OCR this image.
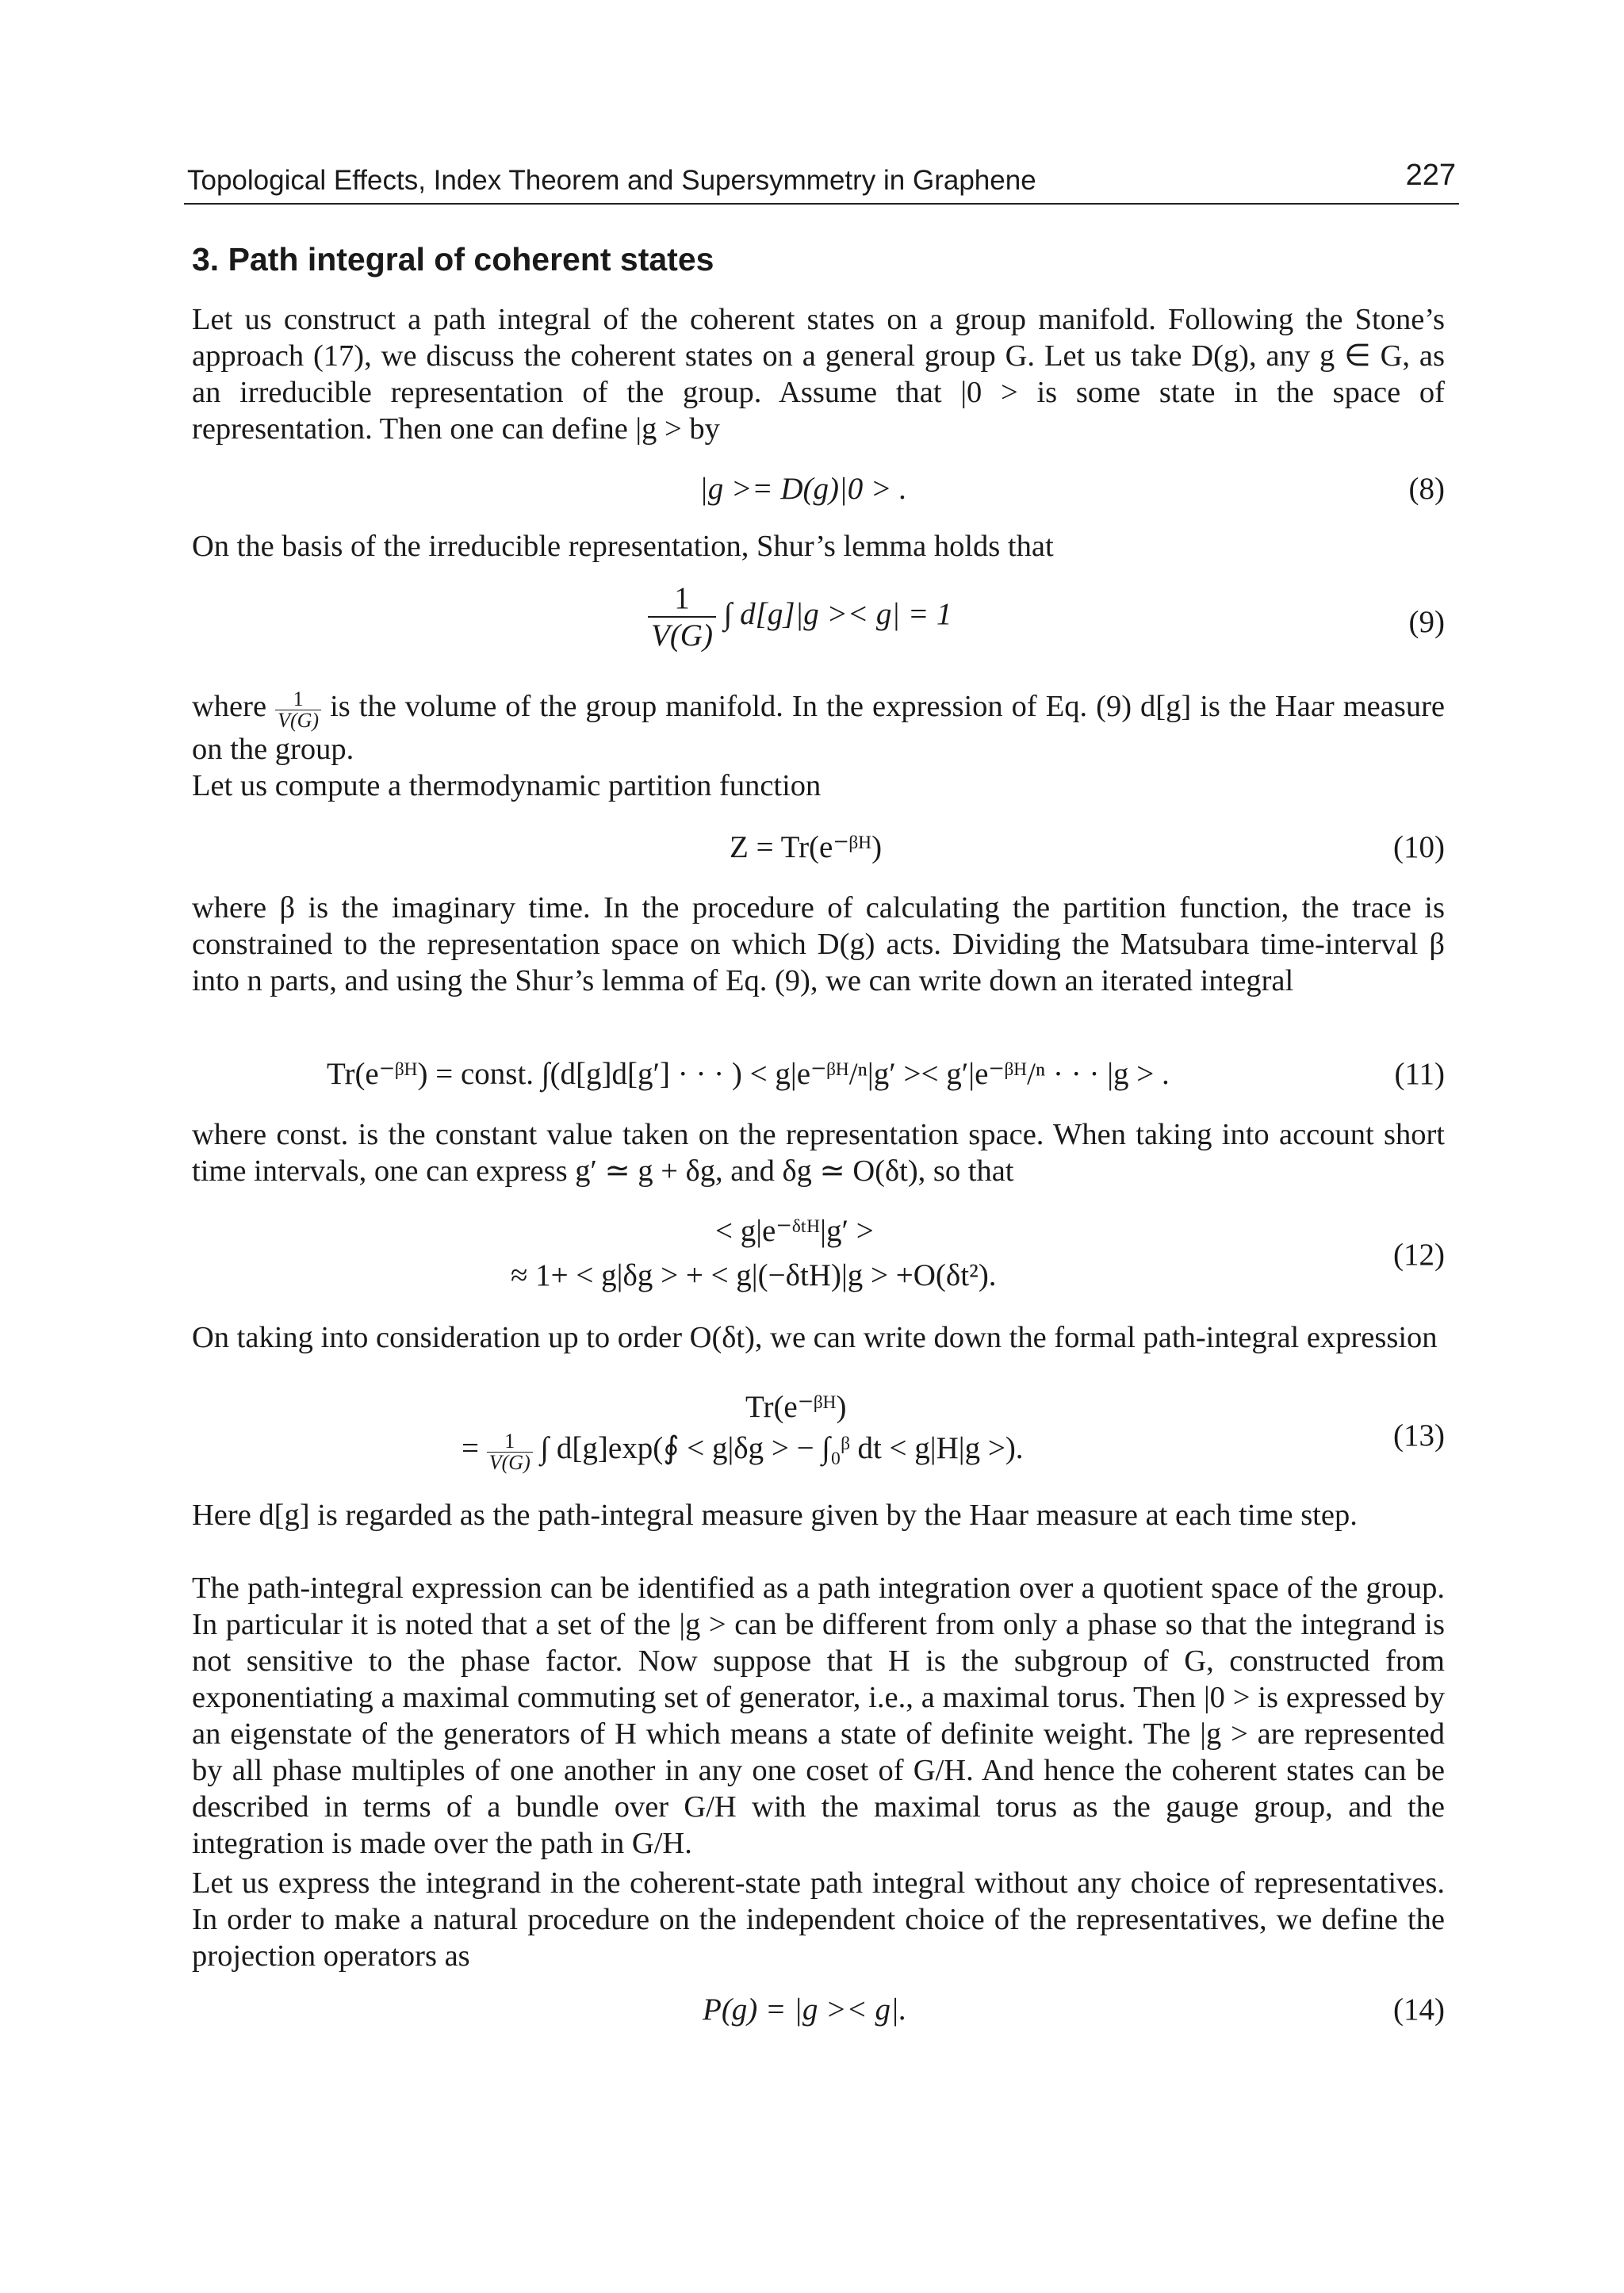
Topological Effects, Index Theorem and Supersymmetry in Graphene	227
3. Path integral of coherent states

Let us construct a path integral of the coherent states on a group manifold. Following the Stone’s approach (17), we discuss the coherent states on a general group G. Let us take D(g), any g ∈ G, as an irreducible representation of the group. Assume that |0 > is some state in the space of representation. Then one can define |g > by

|g >= D(g)|0 > .	(8)

On the basis of the irreducible representation, Shur’s lemma holds that

$\frac{1}{V(G)}$ ∫ d[g]|g >< g| = 1	(9)

where $\frac{1}{V(G)}$ is the volume of the group manifold. In the expression of Eq. (9) d[g] is the Haar measure on the group.

Let us compute a thermodynamic partition function

Z = Tr(e⁻ᵝᴴ)	(10)

where β is the imaginary time. In the procedure of calculating the partition function, the trace is constrained to the representation space on which D(g) acts. Dividing the Matsubara time-interval β into n parts, and using the Shur’s lemma of Eq. (9), we can write down an iterated integral

Tr(e⁻ᵝᴴ) = const. ∫(d[g]d[g′] · · · ) < g|e⁻ᵝᴴ/ⁿ|g′ >< g′|e⁻ᵝᴴ/ⁿ · · · |g > .	(11)

where const. is the constant value taken on the representation space. When taking into account short time intervals, one can express g′ ≃ g + δg, and δg ≃ O(δt), so that

< g|e⁻ᵟᵗᴴ|g′ >
≈ 1+ < g|δg > + < g|(−δtH)|g > +O(δt²).
(12)

On taking into consideration up to order O(δt), we can write down the formal path-integral expression

Tr(e⁻ᵝᴴ)
= $\frac{1}{V(G)}$ ∫ d[g]exp(∮ < g|δg > − ∫₀ᵝ dt < g|H|g >).	(13)

Here d[g] is regarded as the path-integral measure given by the Haar measure at each time step.

The path-integral expression can be identified as a path integration over a quotient space of the group. In particular it is noted that a set of the |g > can be different from only a phase so that the integrand is not sensitive to the phase factor. Now suppose that H is the subgroup of G, constructed from exponentiating a maximal commuting set of generator, i.e., a maximal torus. Then |0 > is expressed by an eigenstate of the generators of H which means a state of definite weight. The |g > are represented by all phase multiples of one another in any one coset of G/H. And hence the coherent states can be described in terms of a bundle over G/H with the maximal torus as the gauge group, and the integration is made over the path in G/H.

Let us express the integrand in the coherent-state path integral without any choice of representatives. In order to make a natural procedure on the independent choice of the representatives, we define the projection operators as

P(g) = |g >< g|.	(14)
